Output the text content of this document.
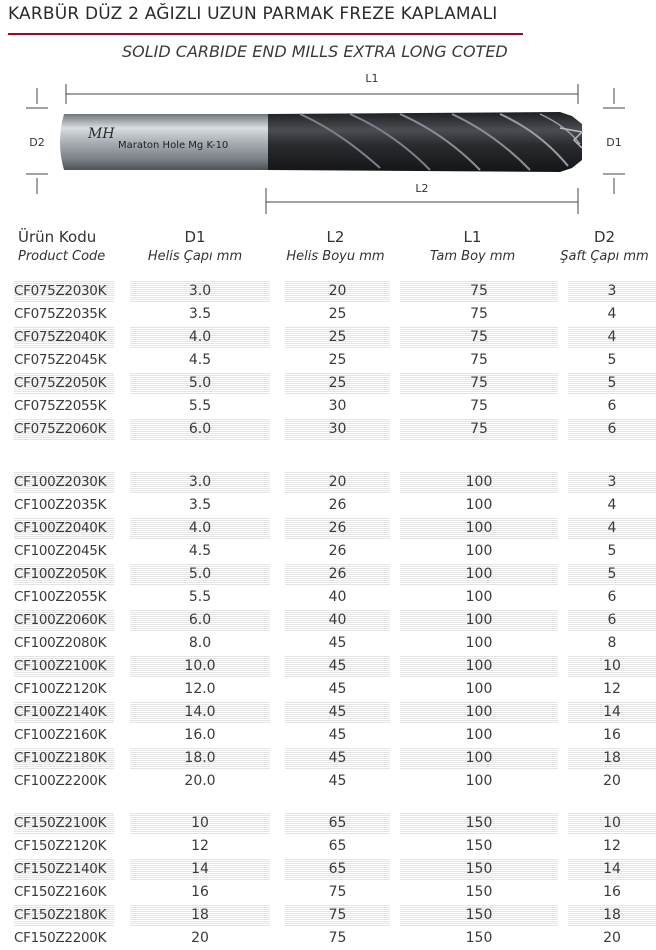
KARBÜR DÜZ 2 AĞIZLI UZUN PARMAK FREZE KAPLAMALI
SOLID CARBIDE END MILLS EXTRA LONG COTED
L1
L2
D2	D1
MH
Maraton Hole Mg K-10
Ürün Kodu
Product Code
D1
Helis Çapı mm
L2
Helis Boyu mm
L1
Tam Boy mm
D2
Şaft Çapı mm
CF075Z2030K	3.0	20	75	3
CF075Z2035K	3.5	25	75	4
CF075Z2040K	4.0	25	75	4
CF075Z2045K	4.5	25	75	5
CF075Z2050K	5.0	25	75	5
CF075Z2055K	5.5	30	75	6
CF075Z2060K	6.0	30	75	6
CF100Z2030K	3.0	20	100	3
CF100Z2035K	3.5	26	100	4
CF100Z2040K	4.0	26	100	4
CF100Z2045K	4.5	26	100	5
CF100Z2050K	5.0	26	100	5
CF100Z2055K	5.5	40	100	6
CF100Z2060K	6.0	40	100	6
CF100Z2080K	8.0	45	100	8
CF100Z2100K	10.0	45	100	10
CF100Z2120K	12.0	45	100	12
CF100Z2140K	14.0	45	100	14
CF100Z2160K	16.0	45	100	16
CF100Z2180K	18.0	45	100	18
CF100Z2200K	20.0	45	100	20
CF150Z2100K	10	65	150	10
CF150Z2120K	12	65	150	12
CF150Z2140K	14	65	150	14
CF150Z2160K	16	75	150	16
CF150Z2180K	18	75	150	18
CF150Z2200K	20	75	150	20
